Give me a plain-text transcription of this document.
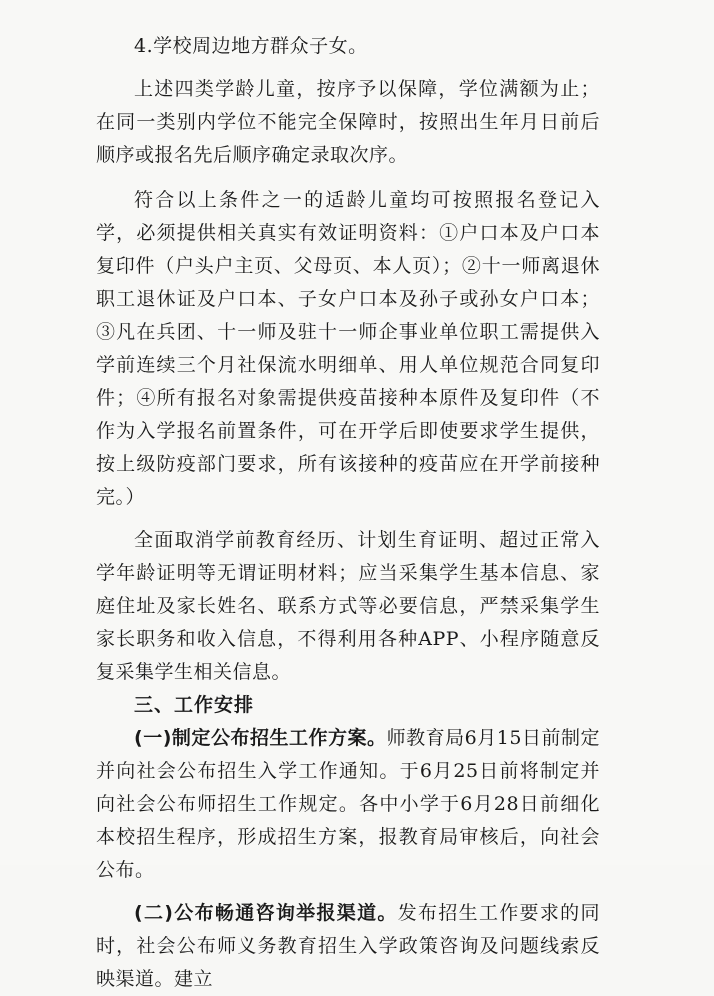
4.学校周边地方群众子女。

上述四类学龄儿童，按序予以保障，学位满额为止；在同一类别内学位不能完全保障时，按照出生年月日前后顺序或报名先后顺序确定录取次序。

符合以上条件之一的适龄儿童均可按照报名登记入学，必须提供相关真实有效证明资料：①户口本及户口本复印件（户头户主页、父母页、本人页）；②十一师离退休职工退休证及户口本、子女户口本及孙子或孙女户口本；③凡在兵团、十一师及驻十一师企事业单位职工需提供入学前连续三个月社保流水明细单、用人单位规范合同复印件；④所有报名对象需提供疫苗接种本原件及复印件（不作为入学报名前置条件，可在开学后即使要求学生提供，按上级防疫部门要求，所有该接种的疫苗应在开学前接种完。）

全面取消学前教育经历、计划生育证明、超过正常入学年龄证明等无谓证明材料；应当采集学生基本信息、家庭住址及家长姓名、联系方式等必要信息，严禁采集学生家长职务和收入信息，不得利用各种APP、小程序随意反复采集学生相关信息。

三、工作安排

(一)制定公布招生工作方案。师教育局6月15日前制定并向社会公布招生入学工作通知。于6月25日前将制定并向社会公布师招生工作规定。各中小学于6月28日前细化本校招生程序，形成招生方案，报教育局审核后，向社会公布。

(二)公布畅通咨询举报渠道。发布招生工作要求的同时，社会公布师义务教育招生入学政策咨询及问题线索反映渠道。建立
